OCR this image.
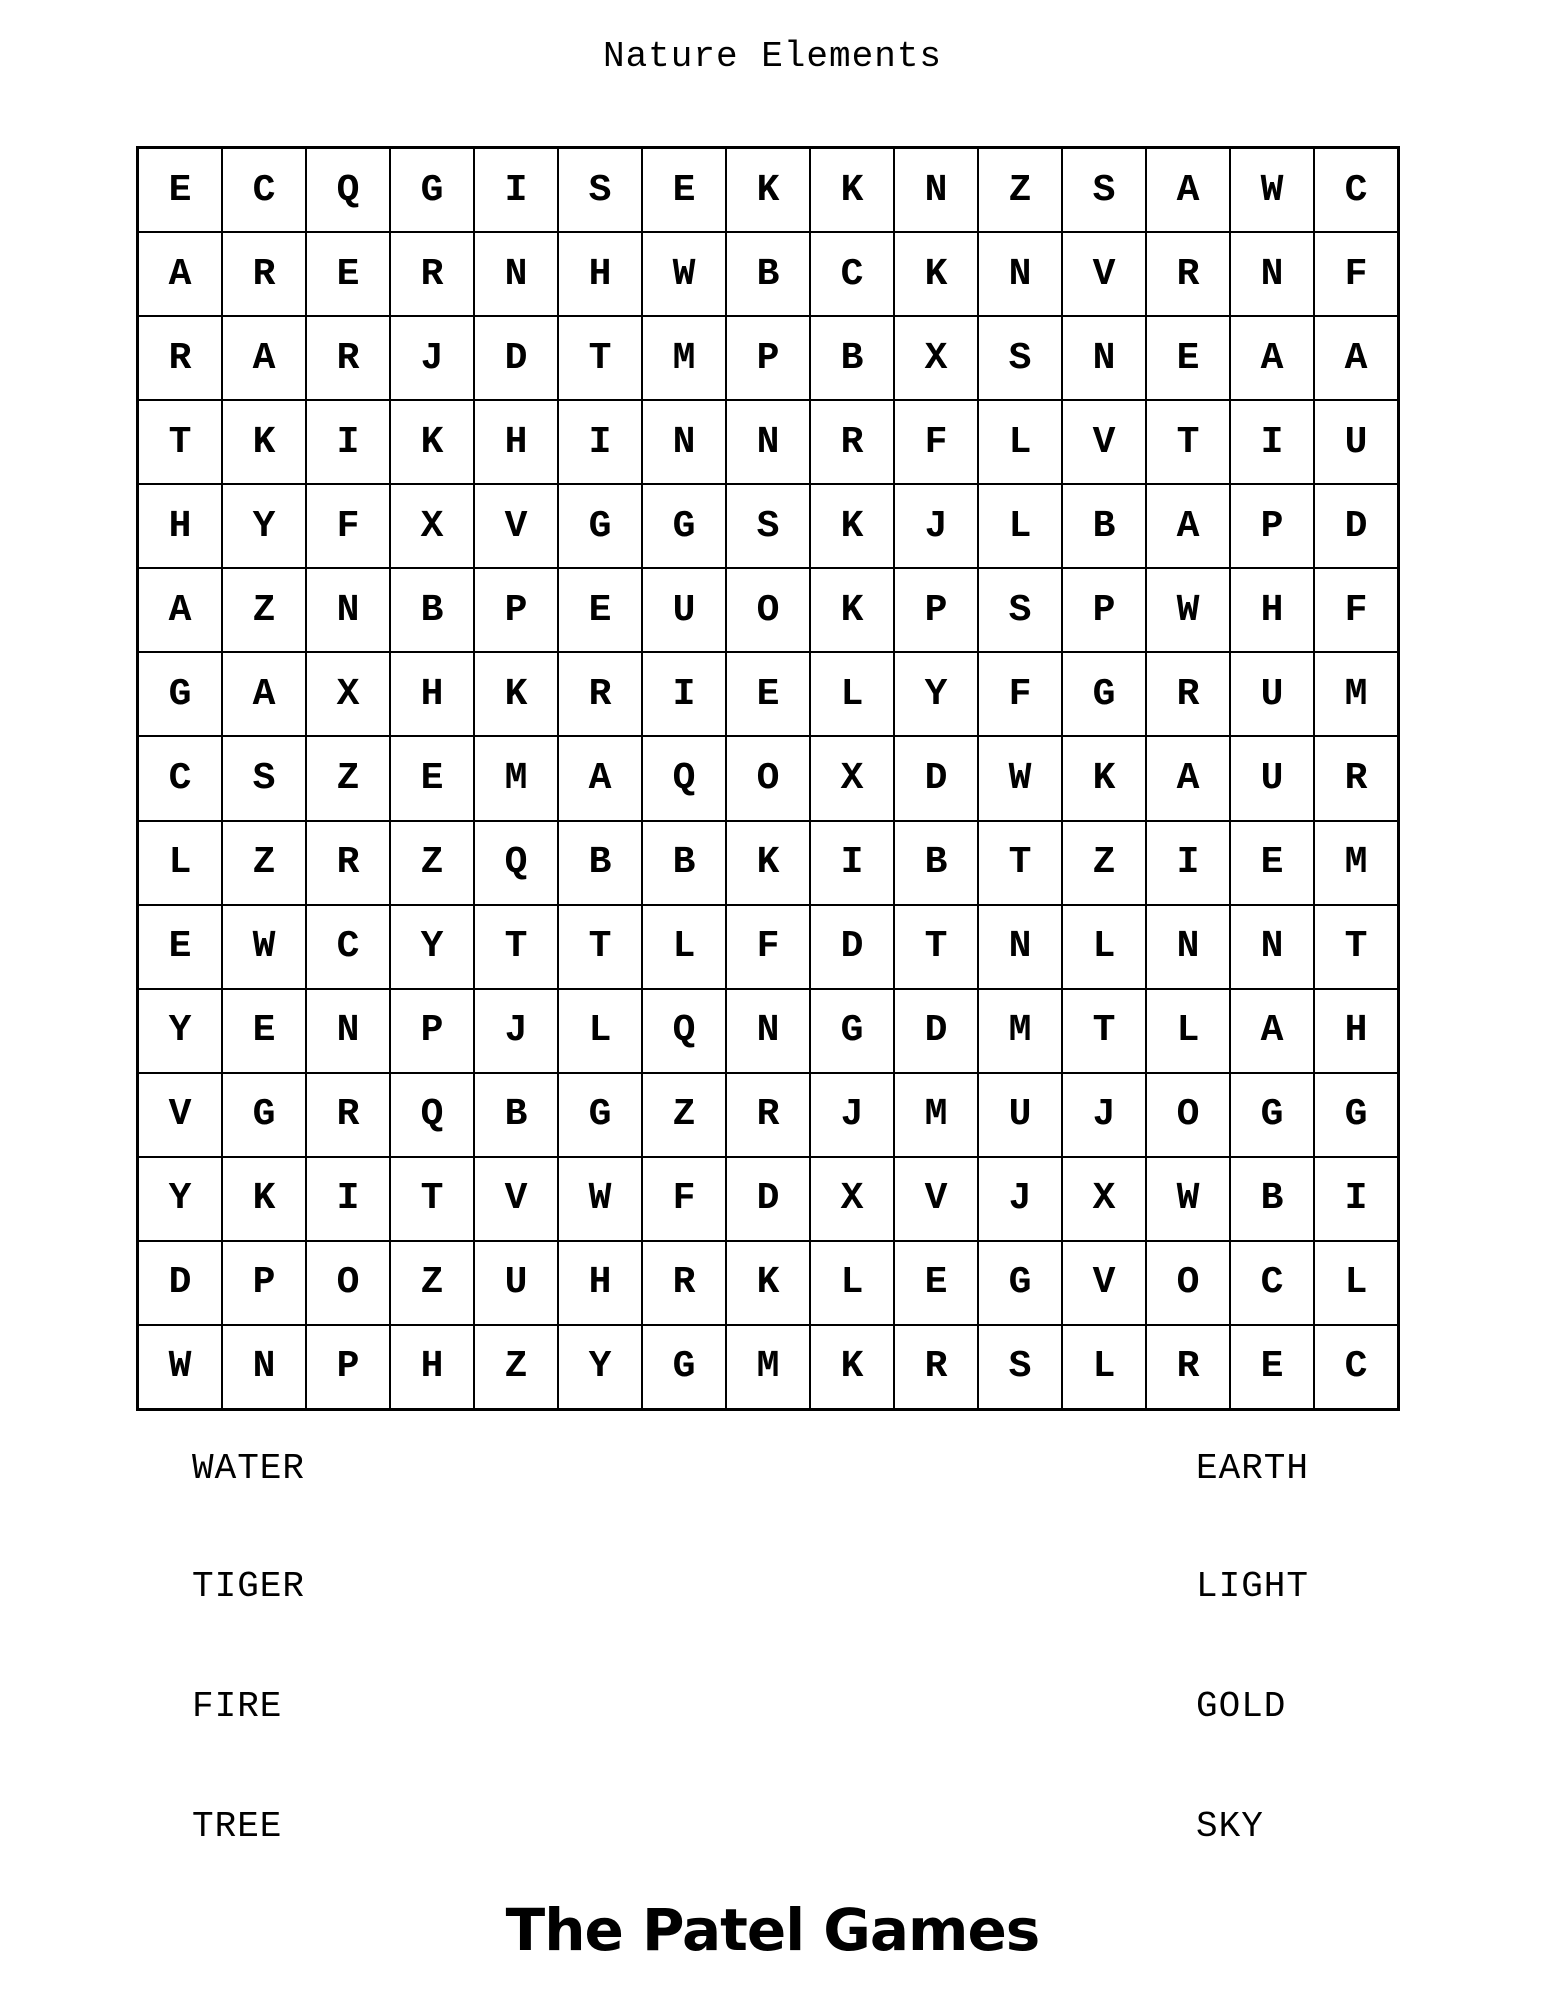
Nature Elements
E	C	Q	G	I	S	E	K	K	N	Z	S	A	W	C
A	R	E	R	N	H	W	B	C	K	N	V	R	N	F
R	A	R	J	D	T	M	P	B	X	S	N	E	A	A
T	K	I	K	H	I	N	N	R	F	L	V	T	I	U
H	Y	F	X	V	G	G	S	K	J	L	B	A	P	D
A	Z	N	B	P	E	U	O	K	P	S	P	W	H	F
G	A	X	H	K	R	I	E	L	Y	F	G	R	U	M
C	S	Z	E	M	A	Q	O	X	D	W	K	A	U	R
L	Z	R	Z	Q	B	B	K	I	B	T	Z	I	E	M
E	W	C	Y	T	T	L	F	D	T	N	L	N	N	T
Y	E	N	P	J	L	Q	N	G	D	M	T	L	A	H
V	G	R	Q	B	G	Z	R	J	M	U	J	O	G	G
Y	K	I	T	V	W	F	D	X	V	J	X	W	B	I
D	P	O	Z	U	H	R	K	L	E	G	V	O	C	L
W	N	P	H	Z	Y	G	M	K	R	S	L	R	E	C
WATER
TIGER
FIRE
TREE
EARTH
LIGHT
GOLD
SKY
The Patel Games
